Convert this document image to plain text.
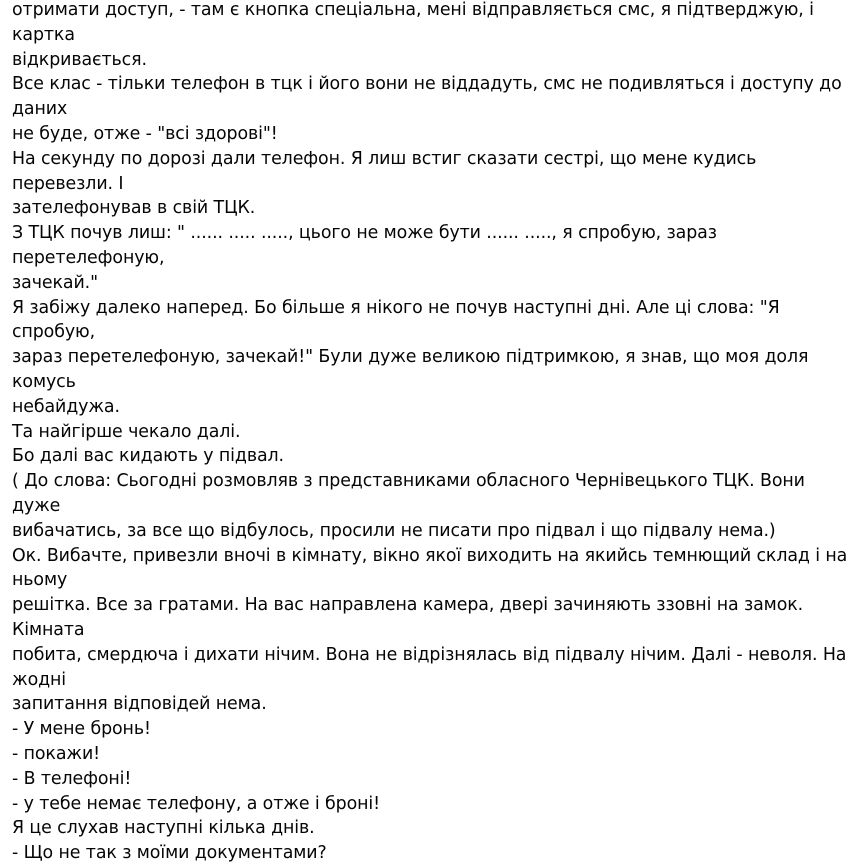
отримати доступ, - там є кнопка спеціальна, мені відправляється смс, я підтверджую, і картка
відкривається.
Все клас - тільки телефон в тцк і його вони не віддадуть, смс не подивляться і доступу до даних
не буде, отже - "всі здорові"!
На секунду по дорозі дали телефон. Я лиш встиг сказати сестрі, що мене кудись перевезли. І
зателефонував в свій ТЦК.
З ТЦК почув лиш: " ...... ..... ....., цього не може бути ...... ....., я спробую, зараз перетелефоную,
зачекай."
Я забіжу далеко наперед. Бо більше я нікого не почув наступні дні. Але ці слова: "Я спробую,
зараз перетелефоную, зачекай!" Були дуже великою підтримкою, я знав, що моя доля комусь
небайдужа.
Та найгірше чекало далі.
Бо далі вас кидають у підвал.
( До слова: Сьогодні розмовляв з представниками обласного Чернівецького ТЦК. Вони дуже
вибачатись, за все що відбулось, просили не писати про підвал і що підвалу нема.)
Ок. Вибачте, привезли вночі в кімнату, вікно якої виходить на якийсь темнющий склад і на ньому
решітка. Все за гратами. На вас направлена камера, двері зачиняють ззовні на замок. Кімната
побита, смердюча і дихати нічим. Вона не відрізнялась від підвалу нічим. Далі - неволя. На жодні
запитання відповідей нема.
- У мене бронь!
- покажи!
- В телефоні!
- у тебе немає телефону, а отже і броні!
Я це слухав наступні кілька днів.
- Що не так з моїми документами?
